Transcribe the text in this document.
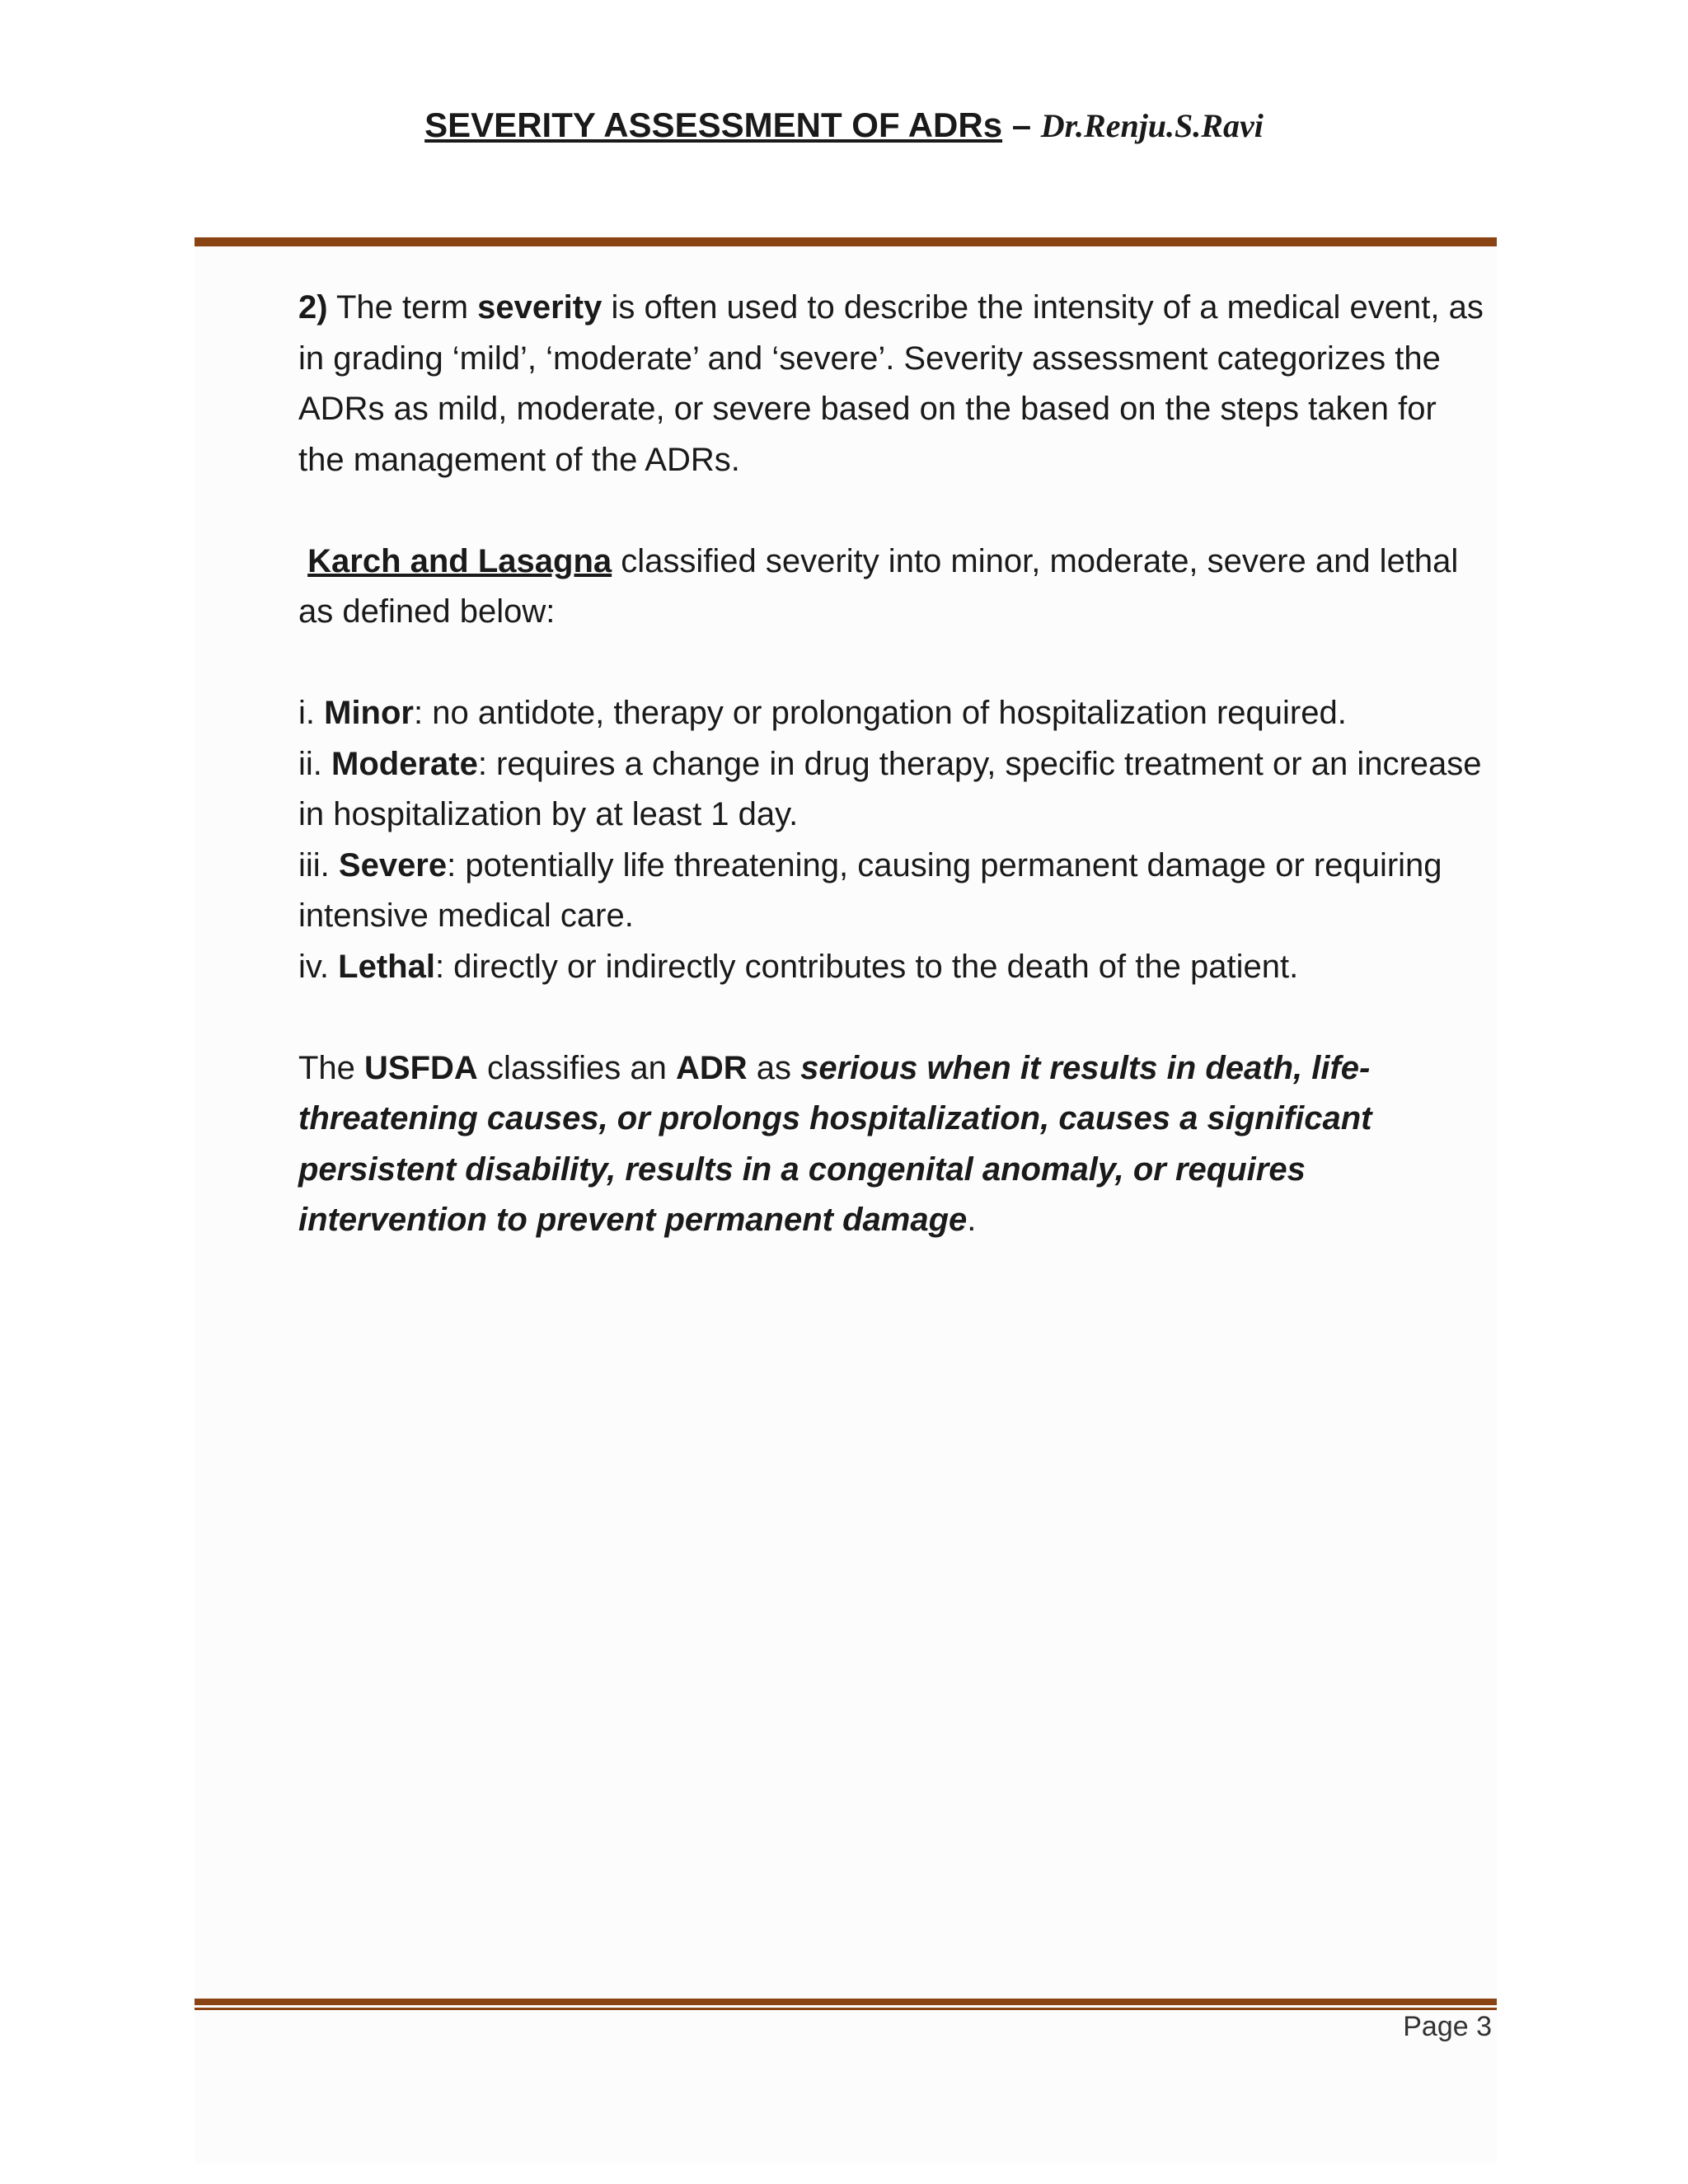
SEVERITY ASSESSMENT OF ADRs – Dr.Renju.S.Ravi

2) The term severity is often used to describe the intensity of a medical event, as in grading ‘mild’, ‘moderate’ and ‘severe’. Severity assessment categorizes the ADRs as mild, moderate, or severe based on the based on the steps taken for the management of the ADRs.

Karch and Lasagna classified severity into minor, moderate, severe and lethal as defined below:

i. Minor: no antidote, therapy or prolongation of hospitalization required.

ii. Moderate: requires a change in drug therapy, specific treatment or an increase in hospitalization by at least 1 day.

iii. Severe: potentially life threatening, causing permanent damage or requiring intensive medical care.

iv. Lethal: directly or indirectly contributes to the death of the patient.

The USFDA classifies an ADR as serious when it results in death, life-threatening causes, or prolongs hospitalization, causes a significant persistent disability, results in a congenital anomaly, or requires intervention to prevent permanent damage.

Page 3
